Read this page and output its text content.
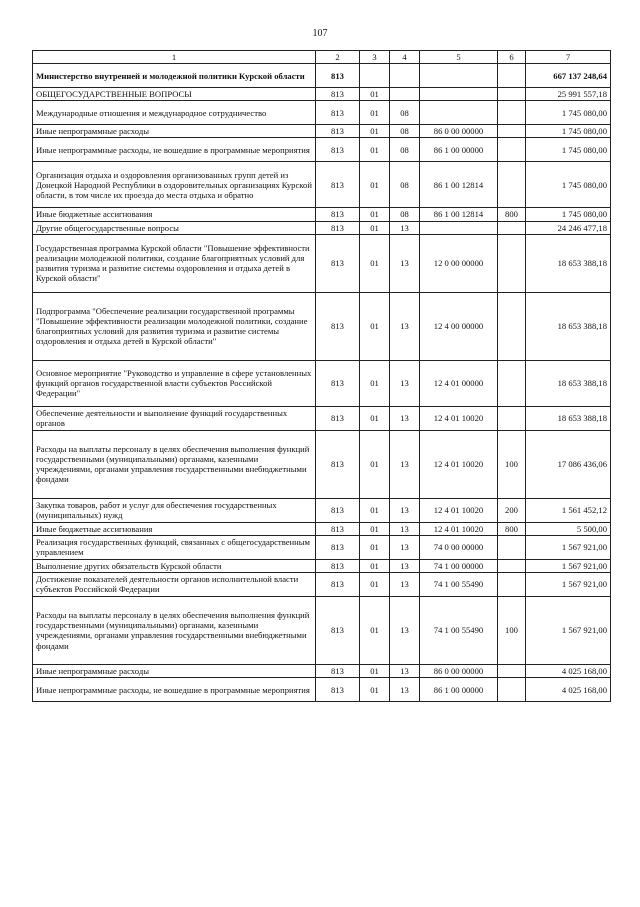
107
1	2	3	4	5	6	7
Министерство внутренней и молодежной политики Курской области	813					667 137 248,64
ОБЩЕГОСУДАРСТВЕННЫЕ ВОПРОСЫ	813	01				25 991 557,18
Международные отношения и международное сотрудничество	813	01	08			1 745 080,00
Иные непрограммные расходы	813	01	08	86 0 00 00000		1 745 080,00
Иные непрограммные расходы, не вошедшие в программные мероприятия	813	01	08	86 1 00 00000		1 745 080,00
Организация отдыха и оздоровления организованных групп детей из Донецкой Народной Республики в оздоровительных организациях Курской области, в том числе их проезда до места отдыха и обратно	813	01	08	86 1 00 12814		1 745 080,00
Иные бюджетные ассигнования	813	01	08	86 1 00 12814	800	1 745 080,00
Другие общегосударственные вопросы	813	01	13			24 246 477,18
Государственная программа Курской области "Повышение эффективности реализации молодежной политики, создание благоприятных условий для развития туризма и развитие системы оздоровления и отдыха детей в Курской области"	813	01	13	12 0 00 00000		18 653 388,18
Подпрограмма "Обеспечение реализации государственной программы "Повышение эффективности реализации молодежной политики, создание благоприятных условий для развития туризма и развитие системы оздоровления и отдыха детей в Курской области"	813	01	13	12 4 00 00000		18 653 388,18
Основное мероприятие "Руководство и управление в сфере установленных функций органов государственной власти субъектов Российской Федерации"	813	01	13	12 4 01 00000		18 653 388,18
Обеспечение деятельности и выполнение функций государственных органов	813	01	13	12 4 01 10020		18 653 388,18
Расходы на выплаты персоналу в целях обеспечения выполнения функций государственными (муниципальными) органами, казенными учреждениями, органами управления государственными внебюджетными фондами	813	01	13	12 4 01 10020	100	17 086 436,06
Закупка товаров, работ и услуг для обеспечения государственных (муниципальных) нужд	813	01	13	12 4 01 10020	200	1 561 452,12
Иные бюджетные ассигнования	813	01	13	12 4 01 10020	800	5 500,00
Реализация государственных функций, связанных с общегосударственным управлением	813	01	13	74 0 00 00000		1 567 921,00
Выполнение других обязательств Курской области	813	01	13	74 1 00 00000		1 567 921,00
Достижение показателей деятельности органов исполнительной власти субъектов Российской Федерации	813	01	13	74 1 00 55490		1 567 921,00
Расходы на выплаты персоналу в целях обеспечения выполнения функций государственными (муниципальными) органами, казенными учреждениями, органами управления государственными внебюджетными фондами	813	01	13	74 1 00 55490	100	1 567 921,00
Иные непрограммные расходы	813	01	13	86 0 00 00000		4 025 168,00
Иные непрограммные расходы, не вошедшие в программные мероприятия	813	01	13	86 1 00 00000		4 025 168,00
